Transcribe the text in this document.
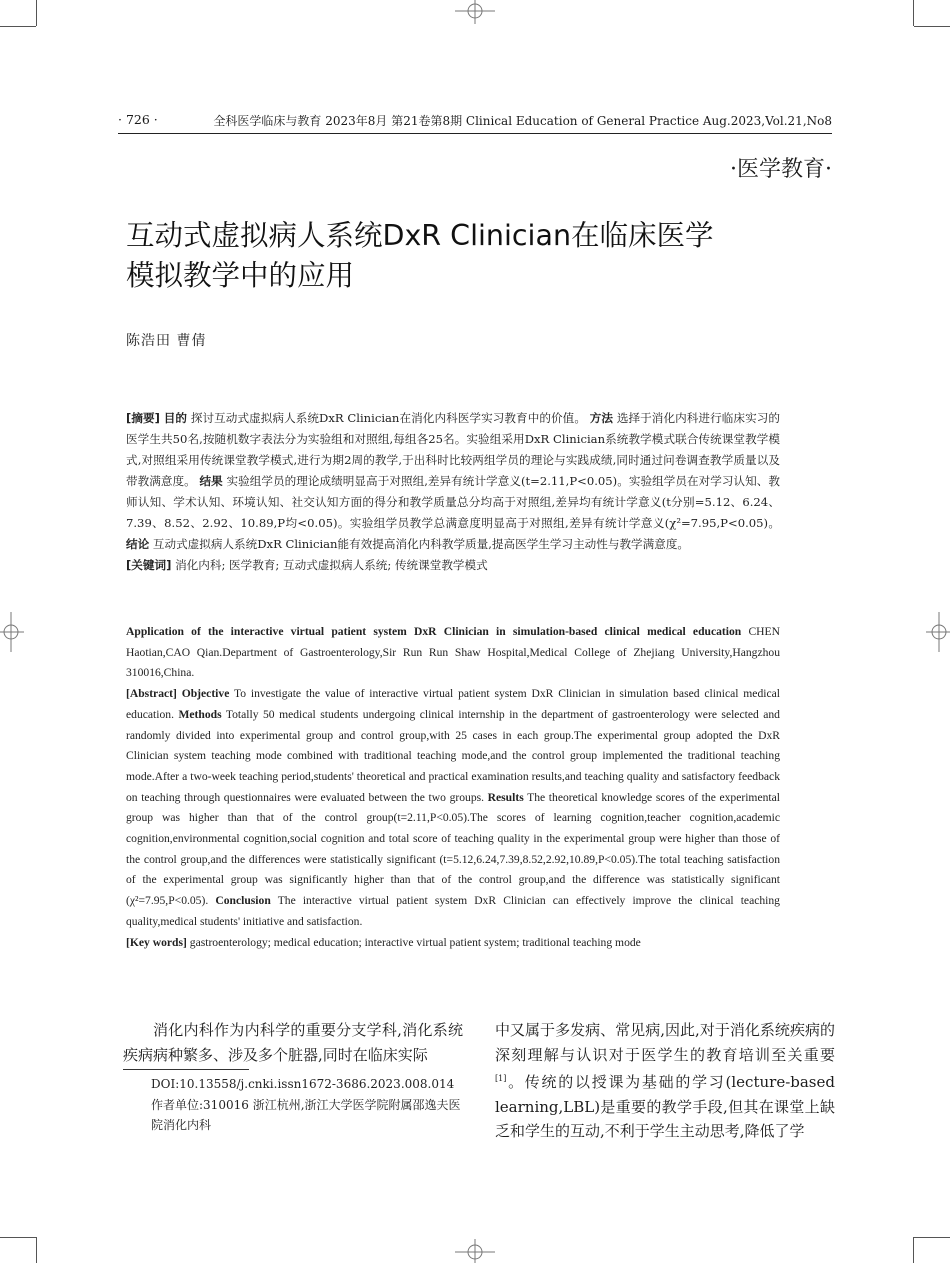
· 726 ·	全科医学临床与教育 2023年8月 第21卷第8期 Clinical Education of General Practice Aug.2023,Vol.21,No8
·医学教育·
互动式虚拟病人系统DxR Clinician在临床医学
模拟教学中的应用
陈浩田 曹倩

[摘要] 目的 探讨互动式虚拟病人系统DxR Clinician在消化内科医学实习教育中的价值。 方法 选择于消化内科进行临床实习的医学生共50名,按随机数字表法分为实验组和对照组,每组各25名。实验组采用DxR Clinician系统教学模式联合传统课堂教学模式,对照组采用传统课堂教学模式,进行为期2周的教学,于出科时比较两组学员的理论与实践成绩,同时通过问卷调查教学质量以及带教满意度。 结果 实验组学员的理论成绩明显高于对照组,差异有统计学意义(t=2.11,P<0.05)。实验组学员在对学习认知、教师认知、学术认知、环境认知、社交认知方面的得分和教学质量总分均高于对照组,差异均有统计学意义(t分别=5.12、6.24、7.39、8.52、2.92、10.89,P均<0.05)。实验组学员教学总满意度明显高于对照组,差异有统计学意义(χ²=7.95,P<0.05)。 结论 互动式虚拟病人系统DxR Clinician能有效提高消化内科教学质量,提高医学生学习主动性与教学满意度。

[关键词] 消化内科; 医学教育; 互动式虚拟病人系统; 传统课堂教学模式

Application of the interactive virtual patient system DxR Clinician in simulation-based clinical medical education CHEN Haotian,CAO Qian.Department of Gastroenterology,Sir Run Run Shaw Hospital,Medical College of Zhejiang University,Hangzhou 310016,China.

[Abstract] Objective To investigate the value of interactive virtual patient system DxR Clinician in simulation based clinical medical education. Methods Totally 50 medical students undergoing clinical internship in the department of gastroenterology were selected and randomly divided into experimental group and control group,with 25 cases in each group.The experimental group adopted the DxR Clinician system teaching mode combined with traditional teaching mode,and the control group implemented the traditional teaching mode.After a two-week teaching period,students' theoretical and practical examination results,and teaching quality and satisfactory feedback on teaching through questionnaires were evaluated between the two groups. Results The theoretical knowledge scores of the experimental group was higher than that of the control group(t=2.11,P<0.05).The scores of learning cognition,teacher cognition,academic cognition,environmental cognition,social cognition and total score of teaching quality in the experimental group were higher than those of the control group,and the differences were statistically significant (t=5.12,6.24,7.39,8.52,2.92,10.89,P<0.05).The total teaching satisfaction of the experimental group was significantly higher than that of the control group,and the difference was statistically significant (χ²=7.95,P<0.05). Conclusion The interactive virtual patient system DxR Clinician can effectively improve the clinical teaching quality,medical students' initiative and satisfaction.

[Key words] gastroenterology; medical education; interactive virtual patient system; traditional teaching mode

消化内科作为内科学的重要分支学科,消化系统疾病病种繁多、涉及多个脏器,同时在临床实际

DOI:10.13558/j.cnki.issn1672-3686.2023.008.014
作者单位:310016 浙江杭州,浙江大学医学院附属邵逸夫医院消化内科

中又属于多发病、常见病,因此,对于消化系统疾病的深刻理解与认识对于医学生的教育培训至关重要[1]。传统的以授课为基础的学习(lecture-based learning,LBL)是重要的教学手段,但其在课堂上缺乏和学生的互动,不利于学生主动思考,降低了学
